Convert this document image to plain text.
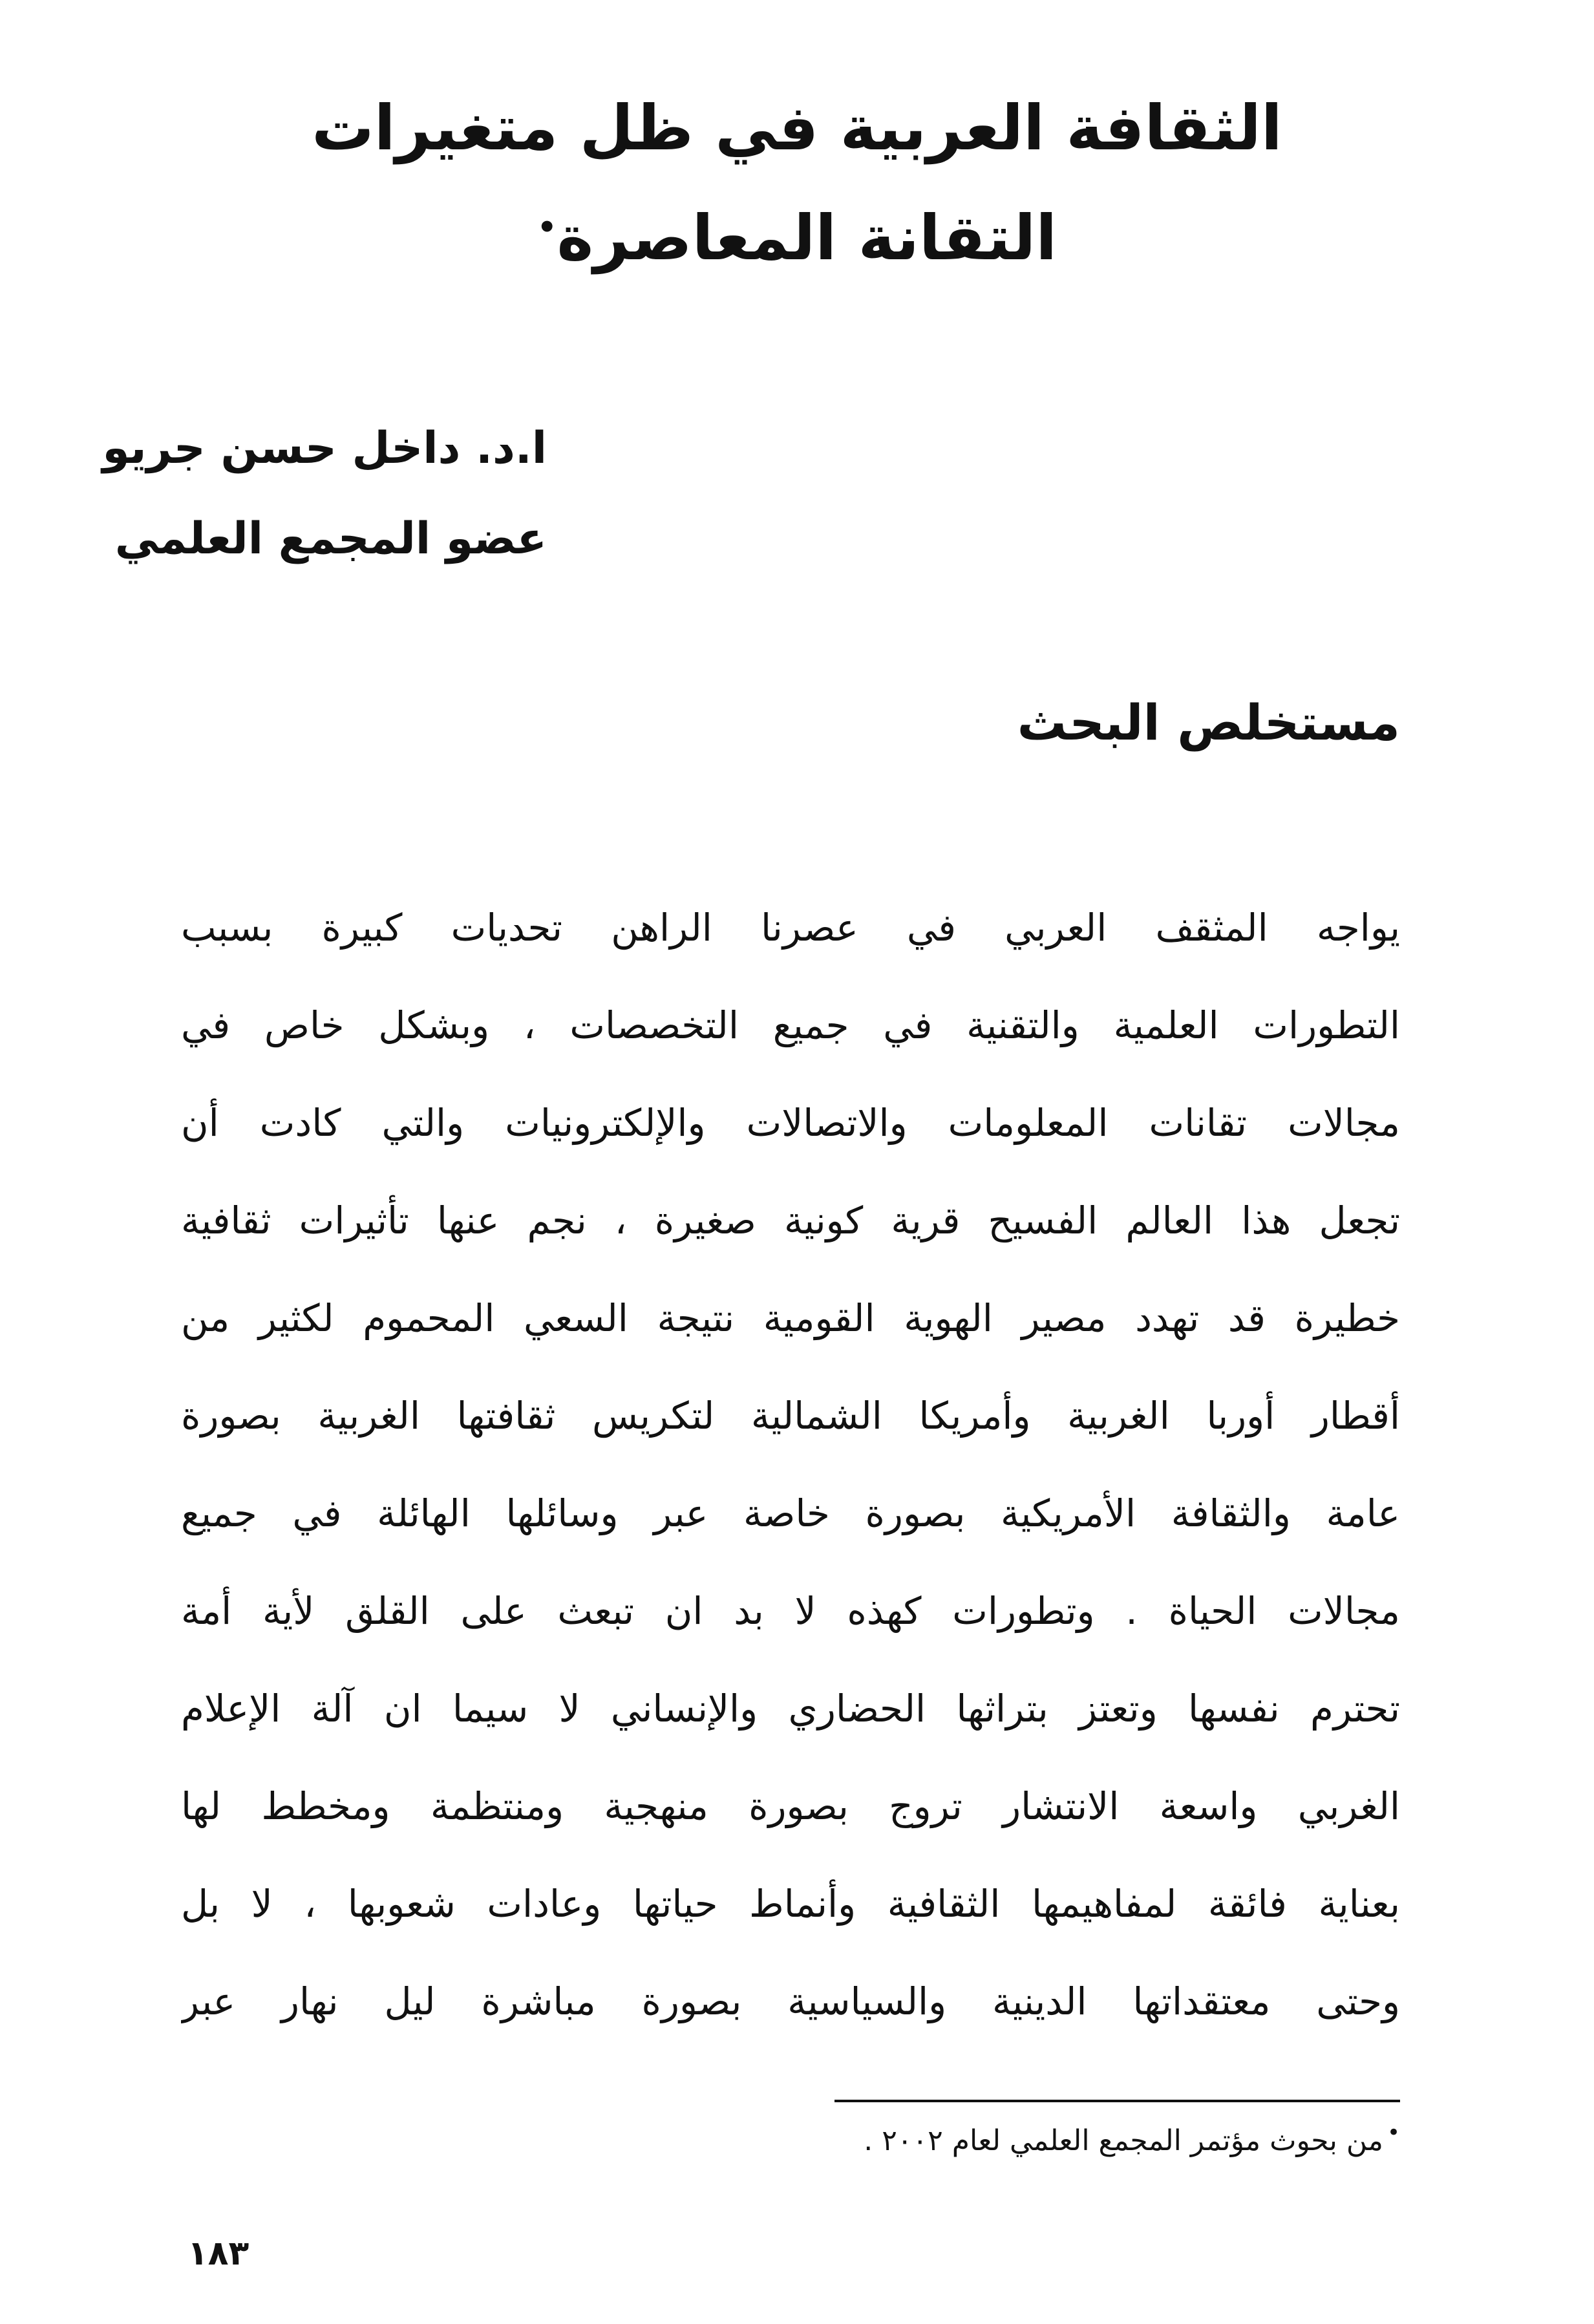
الثقافة العربية في ظل متغيرات
التقانة المعاصرة•
ا.د. داخل حسن جريو
عضو المجمع العلمي
مستخلص البحث
يواجه المثقف العربي في عصرنا الراهن تحديات كبيرة بسبب
التطورات العلمية والتقنية في جميع التخصصات ، وبشكل خاص في
مجالات تقانات المعلومات والاتصالات والإلكترونيات والتي كادت أن
تجعل هذا العالم الفسيح قرية كونية صغيرة ، نجم عنها تأثيرات ثقافية
خطيرة قد تهدد مصير الهوية القومية نتيجة السعي المحموم لكثير من
أقطار أوربا الغربية وأمريكا الشمالية لتكريس ثقافتها الغربية بصورة
عامة والثقافة الأمريكية بصورة خاصة عبر وسائلها الهائلة في جميع
مجالات الحياة . وتطورات كهذه لا بد ان تبعث على القلق لأية أمة
تحترم نفسها وتعتز بتراثها الحضاري والإنساني لا سيما ان آلة الإعلام
الغربي واسعة الانتشار تروج بصورة منهجية ومنتظمة ومخطط لها
بعناية فائقة لمفاهيمها الثقافية وأنماط حياتها وعادات شعوبها ، لا بل
وحتى معتقداتها الدينية والسياسية بصورة مباشرة ليل نهار عبر
•من بحوث مؤتمر المجمع العلمي لعام ٢٠٠٢ .
١٨٣
